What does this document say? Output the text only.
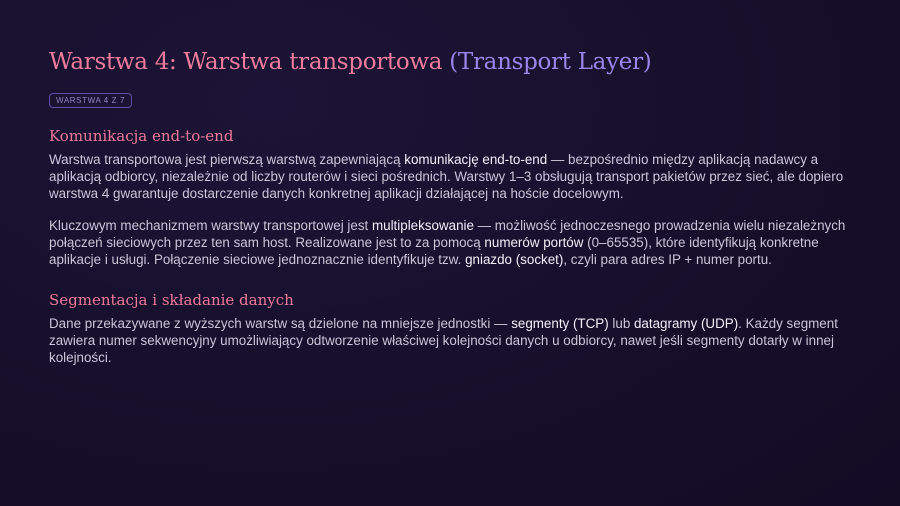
Warstwa 4: Warstwa transportowa (Transport Layer)
WARSTWA 4 Z 7
Komunikacja end-to-end

Warstwa transportowa jest pierwszą warstwą zapewniającą komunikację end-to-end — bezpośrednio między aplikacją nadawcy a aplikacją odbiorcy, niezależnie od liczby routerów i sieci pośrednich. Warstwy 1–3 obsługują transport pakietów przez sieć, ale dopiero warstwa 4 gwarantuje dostarczenie danych konkretnej aplikacji działającej na hoście docelowym.

Kluczowym mechanizmem warstwy transportowej jest multipleksowanie — możliwość jednoczesnego prowadzenia wielu niezależnych połączeń sieciowych przez ten sam host. Realizowane jest to za pomocą numerów portów (0–65535), które identyfikują konkretne aplikacje i usługi. Połączenie sieciowe jednoznacznie identyfikuje tzw. gniazdo (socket), czyli para adres IP + numer portu.

Segmentacja i składanie danych

Dane przekazywane z wyższych warstw są dzielone na mniejsze jednostki — segmenty (TCP) lub datagramy (UDP). Każdy segment zawiera numer sekwencyjny umożliwiający odtworzenie właściwej kolejności danych u odbiorcy, nawet jeśli segmenty dotarły w innej kolejności.
